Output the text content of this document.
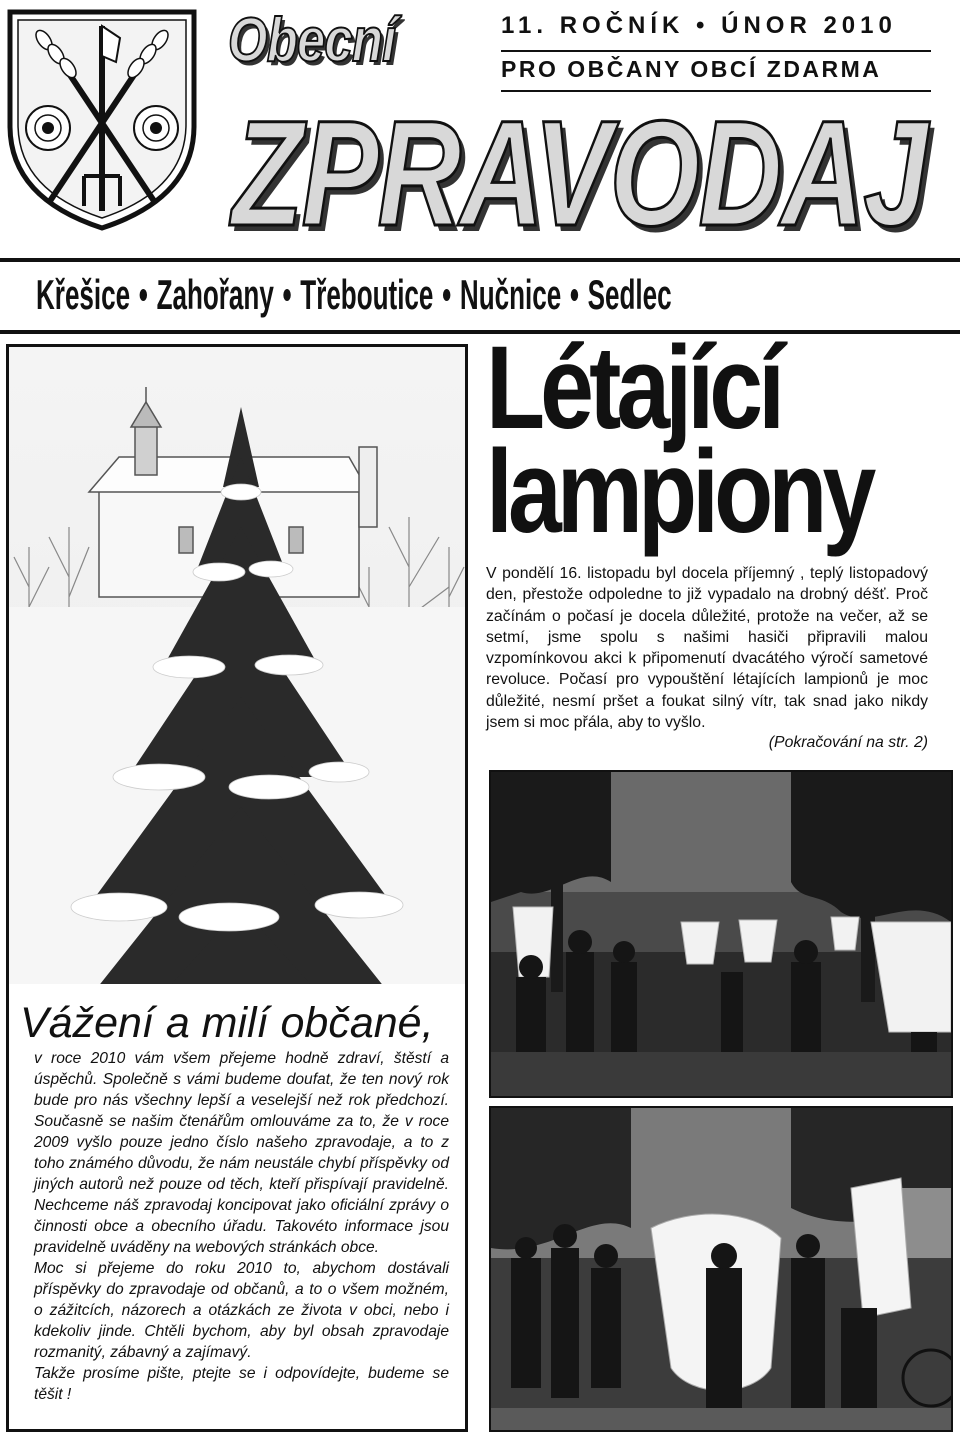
Obecní	11. ROČNÍK • ÚNOR 2010
PRO OBČANY OBCÍ ZDARMA
ZPRAVODAJ
Křešice • Zahořany • Třeboutice • Nučnice • Sedlec
Vážení a milí občané,

v roce 2010 vám všem přejeme hodně zdraví, štěstí a úspěchů. Společně s vámi budeme doufat, že ten nový rok bude pro nás všechny lepší a veselejší než rok předchozí. Současně se našim čtenářům omlouváme za to, že v roce 2009 vyšlo pouze jedno číslo našeho zpravodaje, a to z toho známého důvodu, že nám neustále chybí příspěvky od jiných autorů než pouze od těch, kteří přispívají pravidelně. Nechceme náš zpravodaj koncipovat jako oficiální zprávy o činnosti obce a obecního úřadu. Takovéto informace jsou pravidelně uváděny na webových stránkách obce.

Moc si přejeme do roku 2010 to, abychom dostávali příspěvky do zpravodaje od občanů, a to o všem možném, o zážitcích, názorech a otázkách ze života v obci, nebo i kdekoliv jinde. Chtěli bychom, aby byl obsah zpravodaje rozmanitý, zábavný a zajímavý.

Takže prosíme pište, ptejte se i odpovídejte, budeme se těšit !

Létající
lampiony

V pondělí 16. listopadu byl docela příjemný , teplý listopadový den, přestože odpoledne to již vypadalo na drobný déšť. Proč začínám o počasí je docela důležité, protože na večer, až se setmí, jsme spolu s našimi hasiči připravili malou vzpomínkovou akci k připomenutí dvacátého výročí sametové revoluce. Počasí pro vypouštění létajících lampionů je moc důležité, nesmí pršet a foukat silný vítr, tak snad jako nikdy jsem si moc přála, aby to vyšlo.

(Pokračování na str. 2)
